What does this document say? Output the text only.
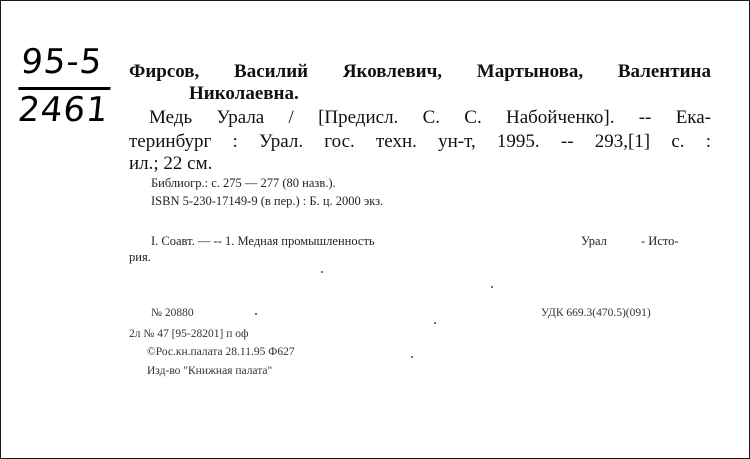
95-5
2461
Фирсов, Василий Яковлевич, Мартынова, Валентина
Николаевна.
Медь Урала / [Предисл. С. С. Набойченко]. -- Ека-
теринбург : Урал. гос. техн. ун-т, 1995. -- 293,[1] с. :
ил.; 22 см.
Библиогр.: с. 275 — 277 (80 назв.).
ISBN 5-230-17149-9 (в пер.) : Б. ц. 2000 экз.
I. Соавт. — -- 1. Медная промышленность	Урал	- Исто-
рия.
№ 20880	УДК 669.3(470.5)(091)
2л № 47 [95-28201] п оф
©Рос.кн.палата 28.11.95 Ф627
Изд-во "Книжная палата"
